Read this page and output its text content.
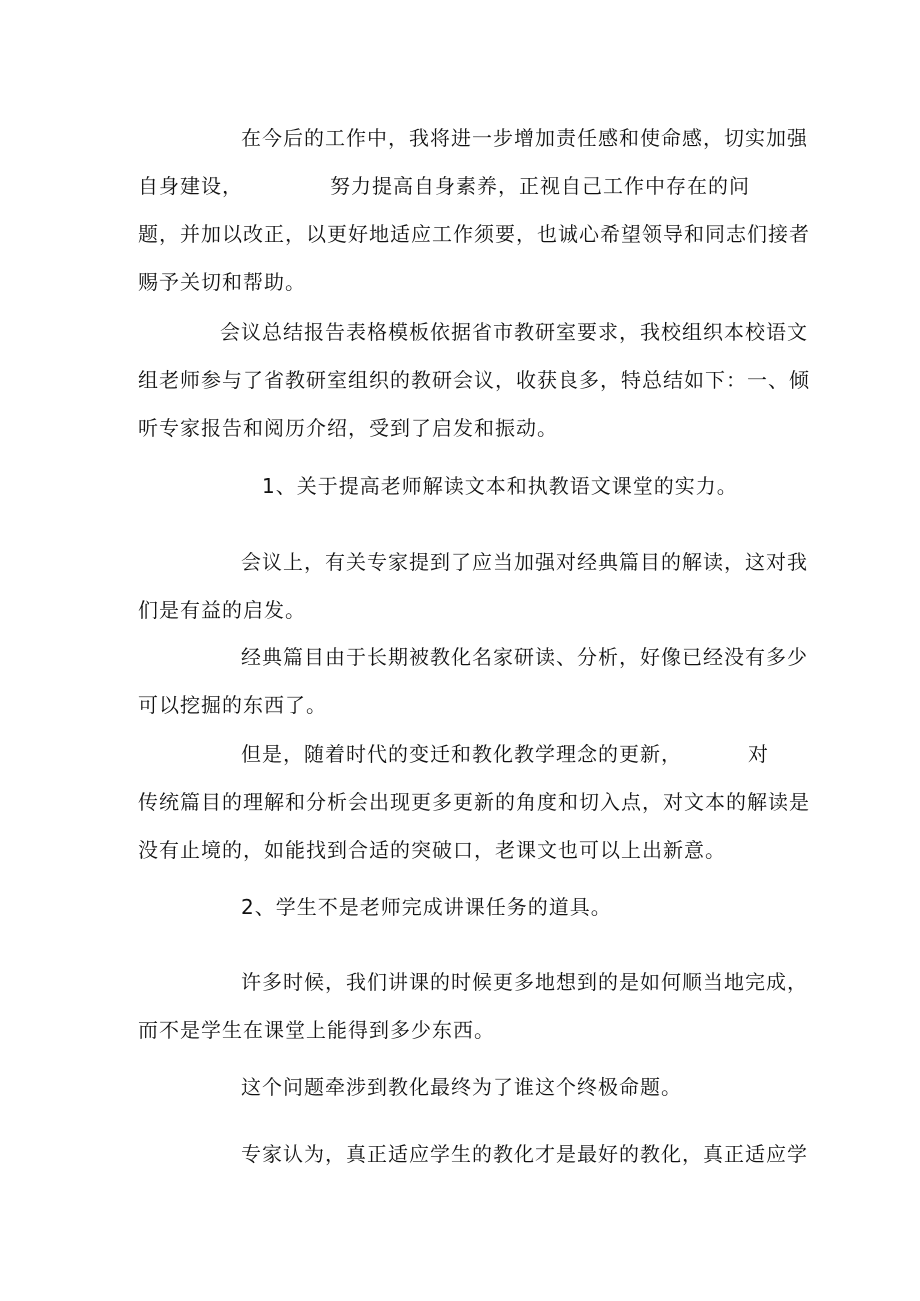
在今后的工作中，我将进一步增加责任感和使命感，切实加强

自身建设，	努力提高自身素养，正视自己工作中存在的问

题，并加以改正，以更好地适应工作须要，也诚心希望领导和同志们接者

赐予关切和帮助。

会议总结报告表格模板依据省市教研室要求，我校组织本校语文

组老师参与了省教研室组织的教研会议，收获良多，特总结如下：一、倾

听专家报告和阅历介绍，受到了启发和振动。

1、关于提高老师解读文本和执教语文课堂的实力。

会议上，有关专家提到了应当加强对经典篇目的解读，这对我

们是有益的启发。

经典篇目由于长期被教化名家研读、分析，好像已经没有多少

可以挖掘的东西了。

但是，随着时代的变迁和教化教学理念的更新，	对

传统篇目的理解和分析会出现更多更新的角度和切入点，对文本的解读是

没有止境的，如能找到合适的突破口，老课文也可以上出新意。

2、学生不是老师完成讲课任务的道具。

许多时候，我们讲课的时候更多地想到的是如何顺当地完成，

而不是学生在课堂上能得到多少东西。

这个问题牵涉到教化最终为了谁这个终极命题。

专家认为，真正适应学生的教化才是最好的教化，真正适应学
